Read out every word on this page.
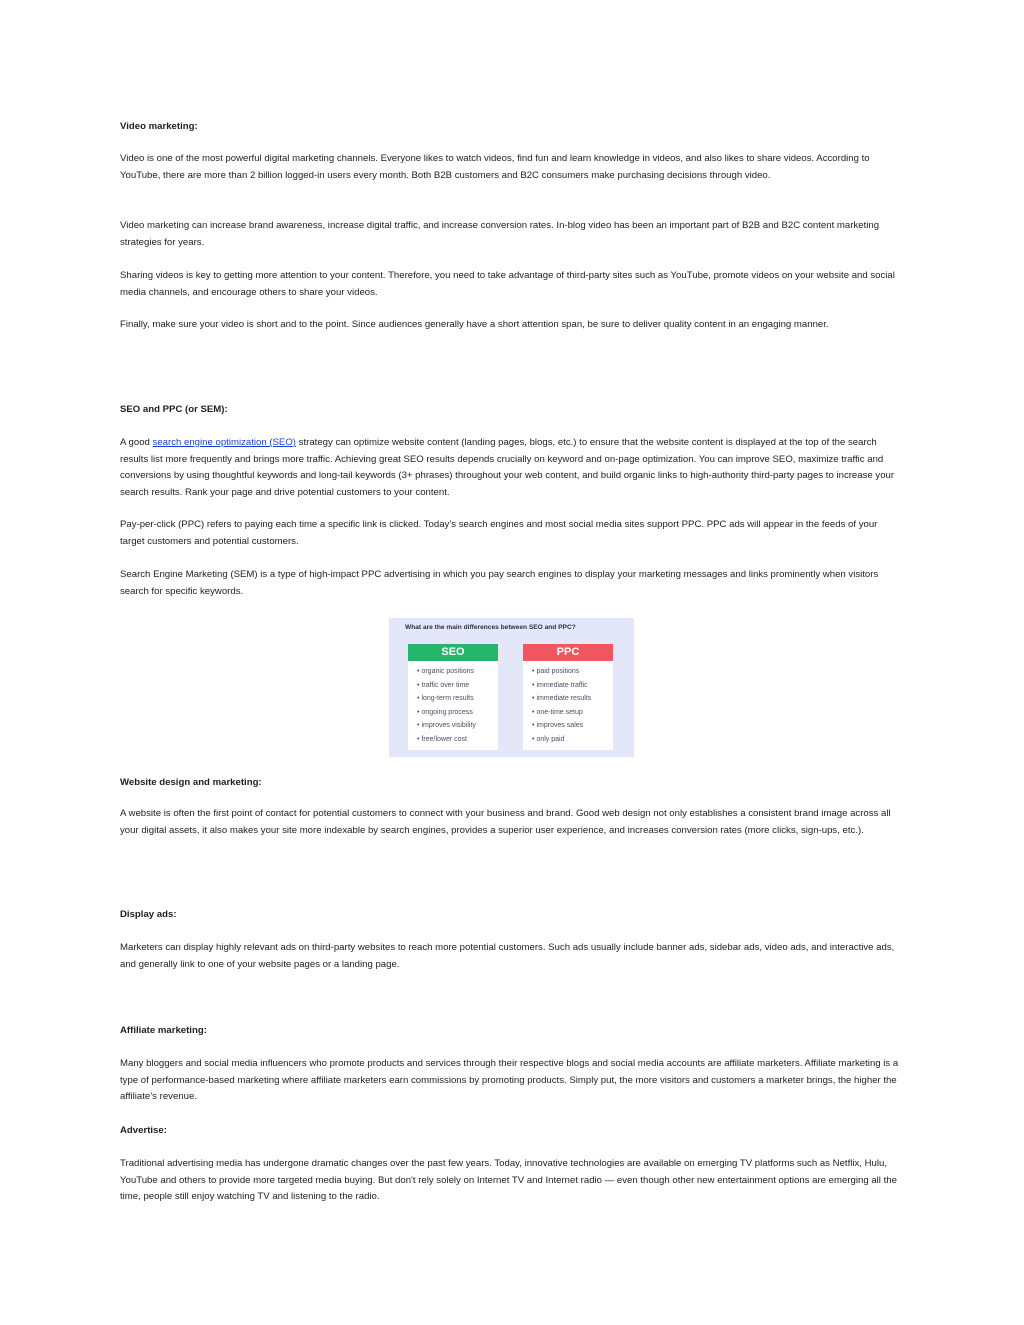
Video marketing:

Video is one of the most powerful digital marketing channels. Everyone likes to watch videos, find fun and learn knowledge in videos, and also likes to share videos. According to YouTube, there are more than 2 billion logged-in users every month. Both B2B customers and B2C consumers make purchasing decisions through video.

Video marketing can increase brand awareness, increase digital traffic, and increase conversion rates. In-blog video has been an important part of B2B and B2C content marketing strategies for years.

Sharing videos is key to getting more attention to your content. Therefore, you need to take advantage of third-party sites such as YouTube, promote videos on your website and social media channels, and encourage others to share your videos.

Finally, make sure your video is short and to the point. Since audiences generally have a short attention span, be sure to deliver quality content in an engaging manner.

SEO and PPC (or SEM):

A good search engine optimization (SEO) strategy can optimize website content (landing pages, blogs, etc.) to ensure that the website content is displayed at the top of the search results list more frequently and brings more traffic. Achieving great SEO results depends crucially on keyword and on-page optimization. You can improve SEO, maximize traffic and conversions by using thoughtful keywords and long-tail keywords (3+ phrases) throughout your web content, and build organic links to high-authority third-party pages to increase your search results. Rank your page and drive potential customers to your content.

Pay-per-click (PPC) refers to paying each time a specific link is clicked. Today’s search engines and most social media sites support PPC. PPC ads will appear in the feeds of your target customers and potential customers.

Search Engine Marketing (SEM) is a type of high-impact PPC advertising in which you pay search engines to display your marketing messages and links prominently when visitors search for specific keywords.

What are the main differences between SEO and PPC?
SEO
• organic positions
• traffic over time
• long-term results
• ongoing process
• improves visibility
• free/lower cost
PPC
• paid positions
• immediate traffic
• immediate results
• one-time setup
• improves sales
• only paid
Website design and marketing:

A website is often the first point of contact for potential customers to connect with your business and brand. Good web design not only establishes a consistent brand image across all your digital assets, it also makes your site more indexable by search engines, provides a superior user experience, and increases conversion rates (more clicks, sign-ups, etc.).

Display ads:

Marketers can display highly relevant ads on third-party websites to reach more potential customers. Such ads usually include banner ads, sidebar ads, video ads, and interactive ads, and generally link to one of your website pages or a landing page.

Affiliate marketing:

Many bloggers and social media influencers who promote products and services through their respective blogs and social media accounts are affiliate marketers. Affiliate marketing is a type of performance-based marketing where affiliate marketers earn commissions by promoting products. Simply put, the more visitors and customers a marketer brings, the higher the affiliate’s revenue.

Advertise:

Traditional advertising media has undergone dramatic changes over the past few years. Today, innovative technologies are available on emerging TV platforms such as Netflix, Hulu, YouTube and others to provide more targeted media buying. But don't rely solely on Internet TV and Internet radio — even though other new entertainment options are emerging all the time, people still enjoy watching TV and listening to the radio.
